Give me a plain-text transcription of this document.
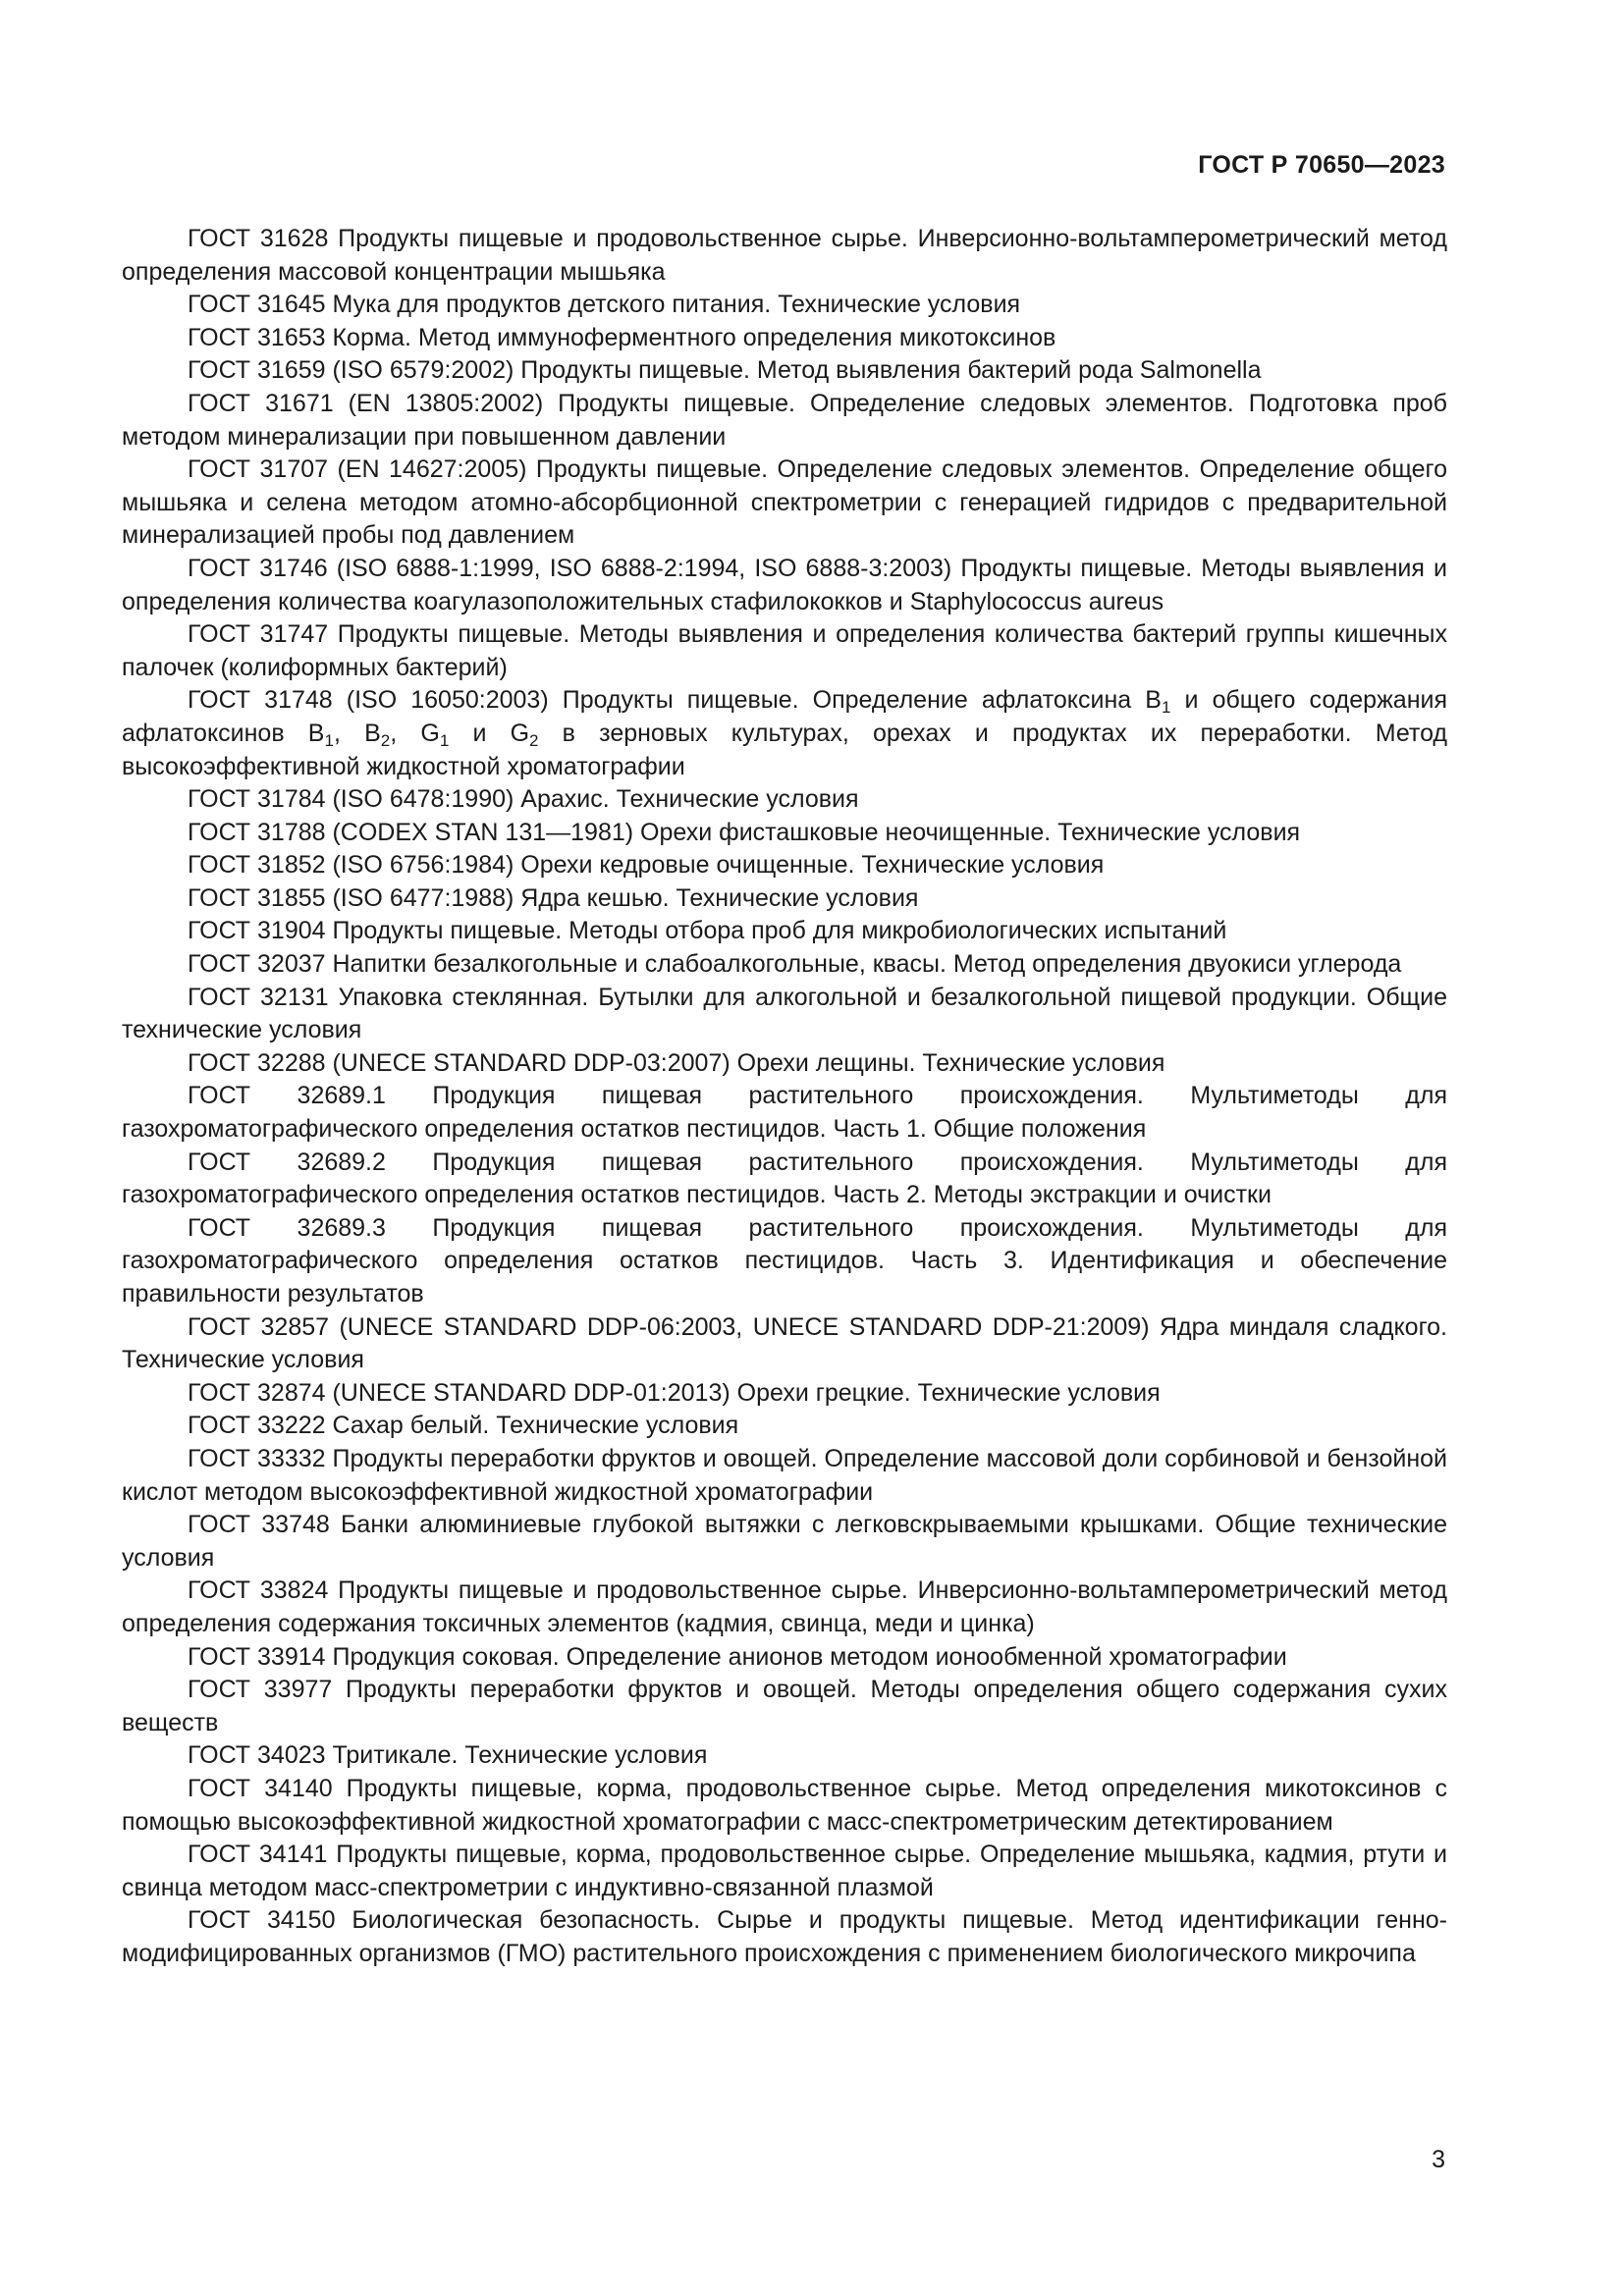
ГОСТ Р 70650—2023

ГОСТ 31628 Продукты пищевые и продовольственное сырье. Инверсионно-вольтамперометрический метод определения массовой концентрации мышьяка

ГОСТ 31645 Мука для продуктов детского питания. Технические условия

ГОСТ 31653 Корма. Метод иммуноферментного определения микотоксинов

ГОСТ 31659 (ISO 6579:2002) Продукты пищевые. Метод выявления бактерий рода Salmonella

ГОСТ 31671 (EN 13805:2002) Продукты пищевые. Определение следовых элементов. Подготовка проб методом минерализации при повышенном давлении

ГОСТ 31707 (EN 14627:2005) Продукты пищевые. Определение следовых элементов. Определение общего мышьяка и селена методом атомно-абсорбционной спектрометрии с генерацией гидридов с предварительной минерализацией пробы под давлением

ГОСТ 31746 (ISO 6888-1:1999, ISO 6888-2:1994, ISO 6888-3:2003) Продукты пищевые. Методы выявления и определения количества коагулазоположительных стафилококков и Staphylococcus aureus

ГОСТ 31747 Продукты пищевые. Методы выявления и определения количества бактерий группы кишечных палочек (колиформных бактерий)

ГОСТ 31748 (ISO 16050:2003) Продукты пищевые. Определение афлатоксина $B_1$ и общего содержания афлатоксинов $B_1$, $B_2$, $G_1$ и $G_2$ в зерновых культурах, орехах и продуктах их переработки. Метод высокоэффективной жидкостной хроматографии

ГОСТ 31784 (ISO 6478:1990) Арахис. Технические условия

ГОСТ 31788 (CODEX STAN 131—1981) Орехи фисташковые неочищенные. Технические условия

ГОСТ 31852 (ISO 6756:1984) Орехи кедровые очищенные. Технические условия

ГОСТ 31855 (ISO 6477:1988) Ядра кешью. Технические условия

ГОСТ 31904 Продукты пищевые. Методы отбора проб для микробиологических испытаний

ГОСТ 32037 Напитки безалкогольные и слабоалкогольные, квасы. Метод определения двуокиси углерода

ГОСТ 32131 Упаковка стеклянная. Бутылки для алкогольной и безалкогольной пищевой продукции. Общие технические условия

ГОСТ 32288 (UNECE STANDARD DDP-03:2007) Орехи лещины. Технические условия

ГОСТ 32689.1 Продукция пищевая растительного происхождения. Мультиметоды для газохроматографического определения остатков пестицидов. Часть 1. Общие положения

ГОСТ 32689.2 Продукция пищевая растительного происхождения. Мультиметоды для газохроматографического определения остатков пестицидов. Часть 2. Методы экстракции и очистки

ГОСТ 32689.3 Продукция пищевая растительного происхождения. Мультиметоды для газохроматографического определения остатков пестицидов. Часть 3. Идентификация и обеспечение правильности результатов

ГОСТ 32857 (UNECE STANDARD DDP-06:2003, UNECE STANDARD DDP-21:2009) Ядра миндаля сладкого. Технические условия

ГОСТ 32874 (UNECE STANDARD DDP-01:2013) Орехи грецкие. Технические условия

ГОСТ 33222 Сахар белый. Технические условия

ГОСТ 33332 Продукты переработки фруктов и овощей. Определение массовой доли сорбиновой и бензойной кислот методом высокоэффективной жидкостной хроматографии

ГОСТ 33748 Банки алюминиевые глубокой вытяжки с легковскрываемыми крышками. Общие технические условия

ГОСТ 33824 Продукты пищевые и продовольственное сырье. Инверсионно-вольтамперометрический метод определения содержания токсичных элементов (кадмия, свинца, меди и цинка)

ГОСТ 33914 Продукция соковая. Определение анионов методом ионообменной хроматографии

ГОСТ 33977 Продукты переработки фруктов и овощей. Методы определения общего содержания сухих веществ

ГОСТ 34023 Тритикале. Технические условия

ГОСТ 34140 Продукты пищевые, корма, продовольственное сырье. Метод определения микотоксинов с помощью высокоэффективной жидкостной хроматографии с масс-спектрометрическим детектированием

ГОСТ 34141 Продукты пищевые, корма, продовольственное сырье. Определение мышьяка, кадмия, ртути и свинца методом масс-спектрометрии с индуктивно-связанной плазмой

ГОСТ 34150 Биологическая безопасность. Сырье и продукты пищевые. Метод идентификации генно-модифицированных организмов (ГМО) растительного происхождения с применением биологического микрочипа

3
